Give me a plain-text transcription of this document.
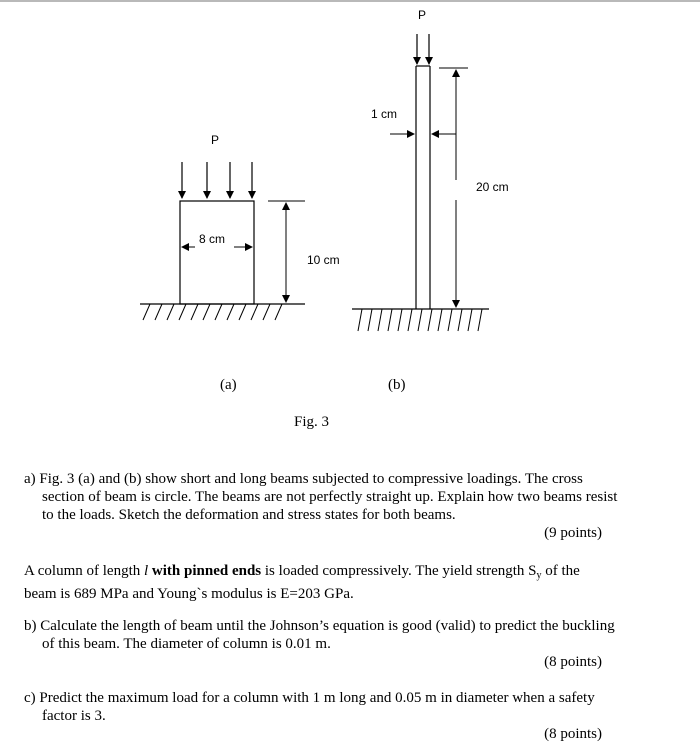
P
8 cm
10 cm
P
1 cm
20 cm
(a)	(b)
Fig. 3
a) Fig. 3 (a) and (b) show short and long beams subjected to compressive loadings. The cross section of beam is circle. The beams are not perfectly straight up. Explain how two beams resist to the loads. Sketch the deformation and stress states for both beams.
(9 points)
A column of length l with pinned ends is loaded compressively. The yield strength $S_y$ of the beam is 689 MPa and Young`s modulus is E=203 GPa.
b) Calculate the length of beam until the Johnson’s equation is good (valid) to predict the buckling of this beam. The diameter of column is 0.01 m.
(8 points)
c) Predict the maximum load for a column with 1 m long and 0.05 m in diameter when a safety factor is 3.
(8 points)
